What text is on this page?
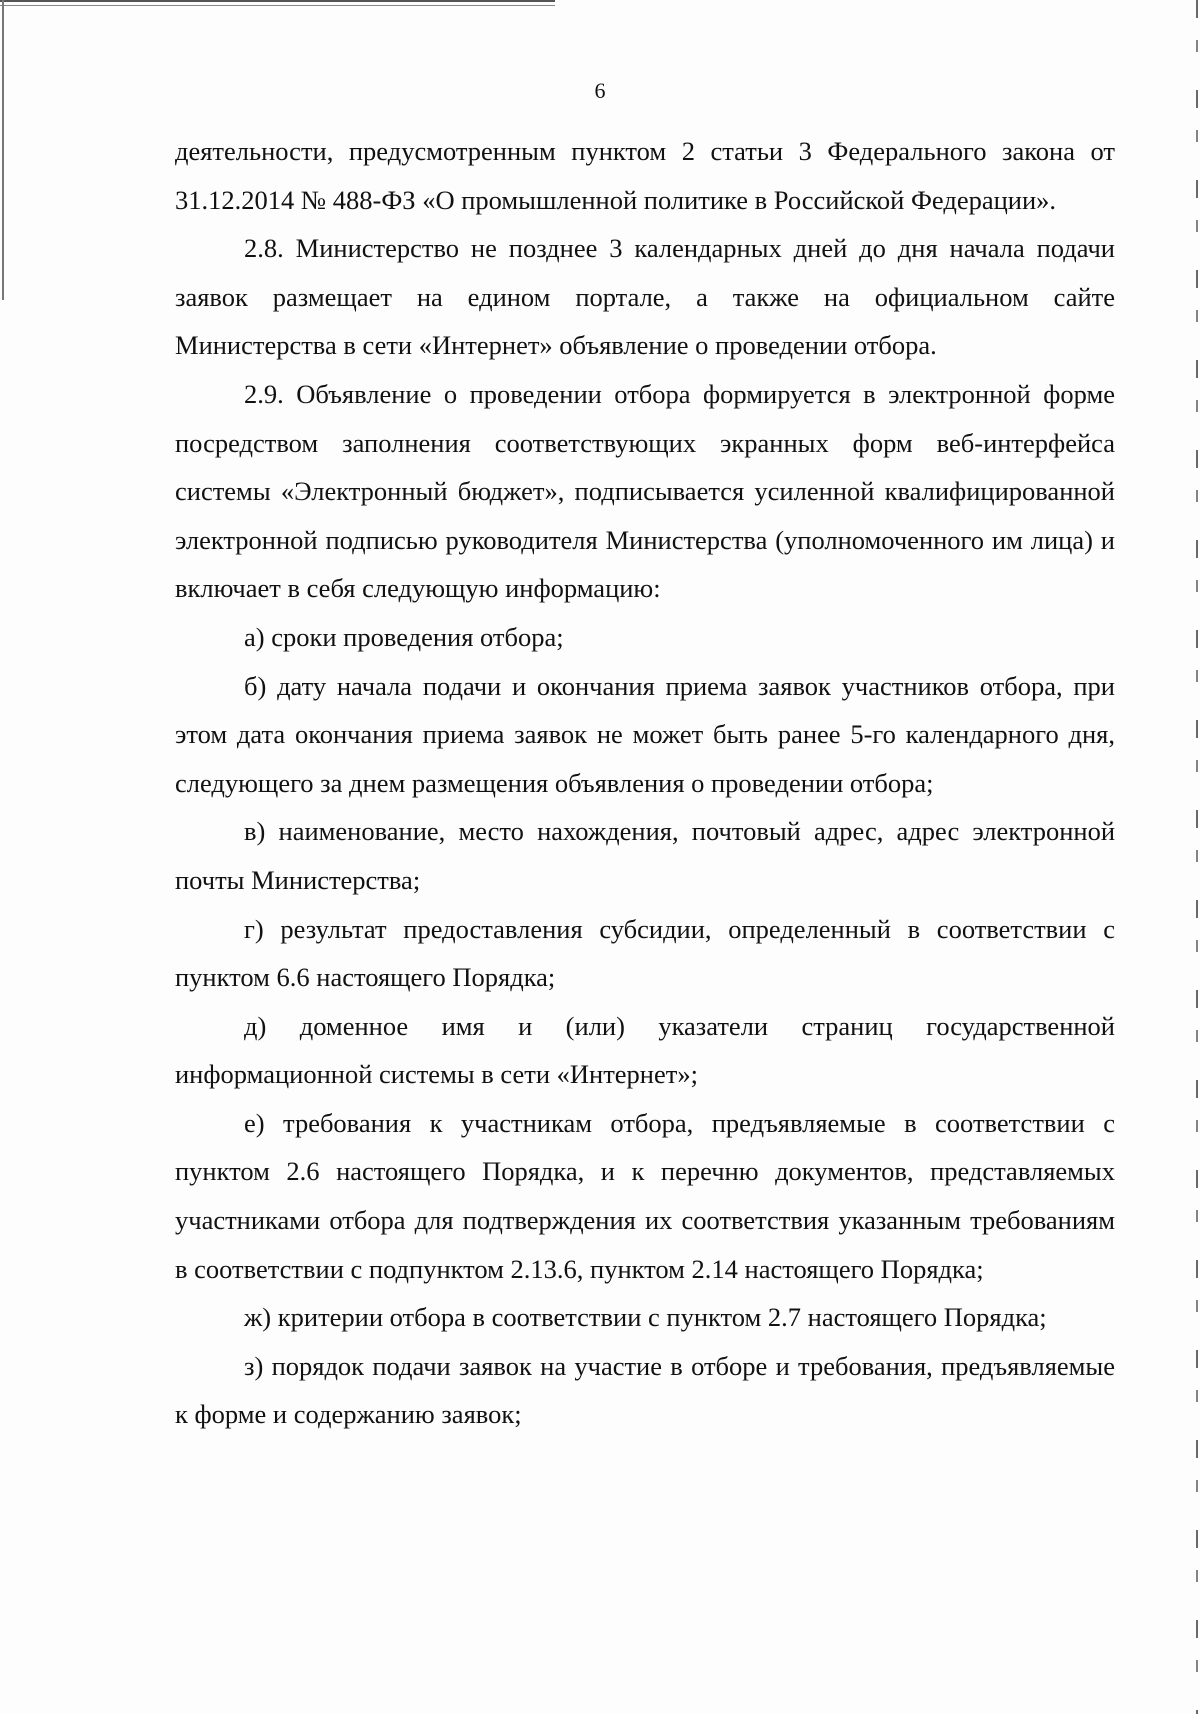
6

деятельности, предусмотренным пунктом 2 статьи 3 Федерального закона от 31.12.2014 № 488-ФЗ «О промышленной политике в Российской Федерации».

2.8. Министерство не позднее 3 календарных дней до дня начала подачи заявок размещает на едином портале, а также на официальном сайте Министерства в сети «Интернет» объявление о проведении отбора.

2.9. Объявление о проведении отбора формируется в электронной форме посредством заполнения соответствующих экранных форм веб-интерфейса системы «Электронный бюджет», подписывается усиленной квалифицированной электронной подписью руководителя Министерства (уполномоченного им лица) и включает в себя следующую информацию:

а) сроки проведения отбора;

б) дату начала подачи и окончания приема заявок участников отбора, при этом дата окончания приема заявок не может быть ранее 5-го календарного дня, следующего за днем размещения объявления о проведении отбора;

в) наименование, место нахождения, почтовый адрес, адрес электронной почты Министерства;

г) результат предоставления субсидии, определенный в соответствии с пунктом 6.6 настоящего Порядка;

д) доменное имя и (или) указатели страниц государственной информационной системы в сети «Интернет»;

е) требования к участникам отбора, предъявляемые в соответствии с пунктом 2.6 настоящего Порядка, и к перечню документов, представляемых участниками отбора для подтверждения их соответствия указанным требованиям в соответствии с подпунктом 2.13.6, пунктом 2.14 настоящего Порядка;

ж) критерии отбора в соответствии с пунктом 2.7 настоящего Порядка;

з) порядок подачи заявок на участие в отборе и требования, предъявляемые к форме и содержанию заявок;
